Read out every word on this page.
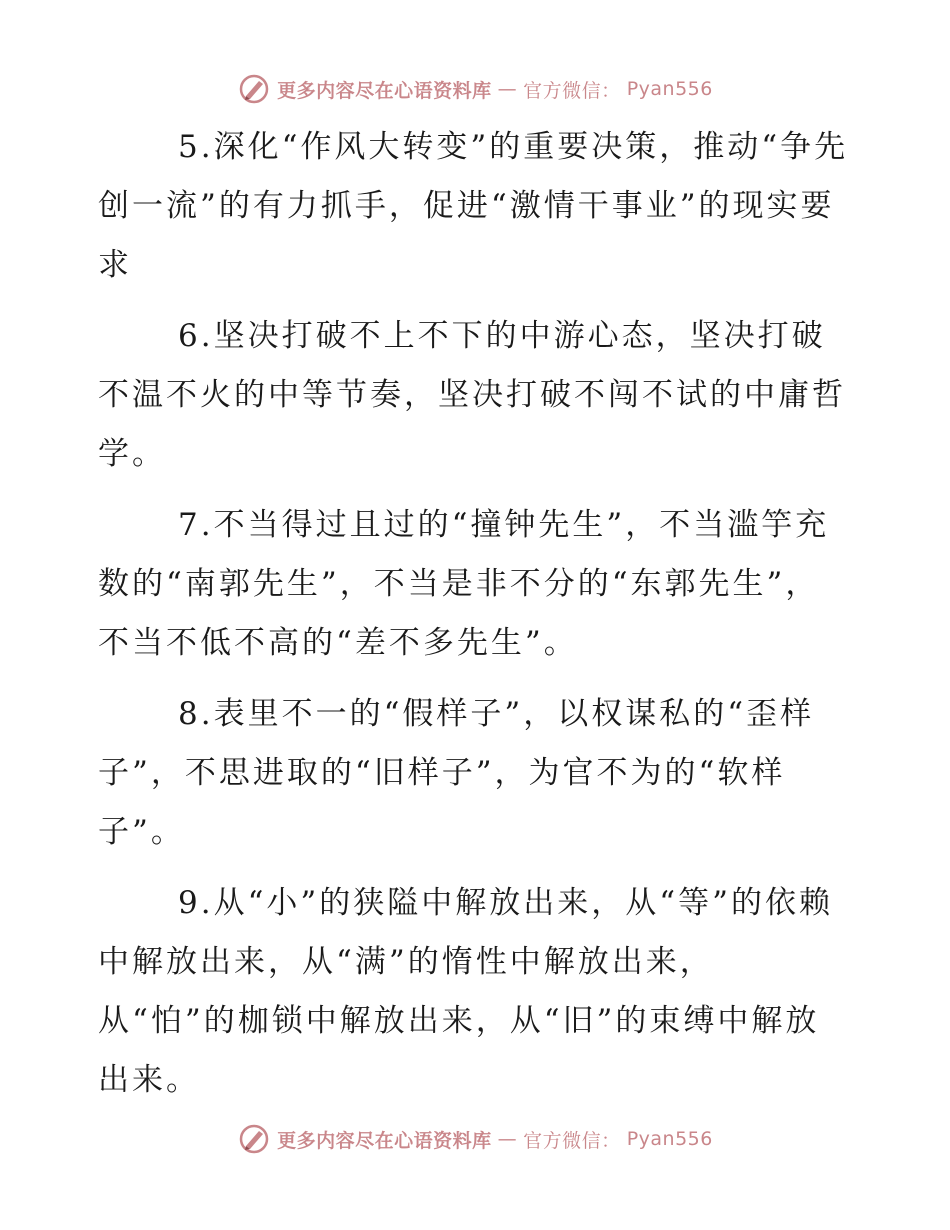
更多内容尽在心语资料库 — 官方微信： Pyan556

5.深化“作风大转变”的重要决策，推动“争先创一流”的有力抓手，促进“激情干事业”的现实要求

6.坚决打破不上不下的中游心态，坚决打破不温不火的中等节奏，坚决打破不闯不试的中庸哲学。

7.不当得过且过的“撞钟先生”，不当滥竽充数的“南郭先生”，不当是非不分的“东郭先生”，不当不低不高的“差不多先生”。

8.表里不一的“假样子”，以权谋私的“歪样子”，不思进取的“旧样子”，为官不为的“软样子”。

9.从“小”的狭隘中解放出来，从“等”的依赖中解放出来，从“满”的惰性中解放出来，从“怕”的枷锁中解放出来，从“旧”的束缚中解放出来。

更多内容尽在心语资料库 — 官方微信： Pyan556
